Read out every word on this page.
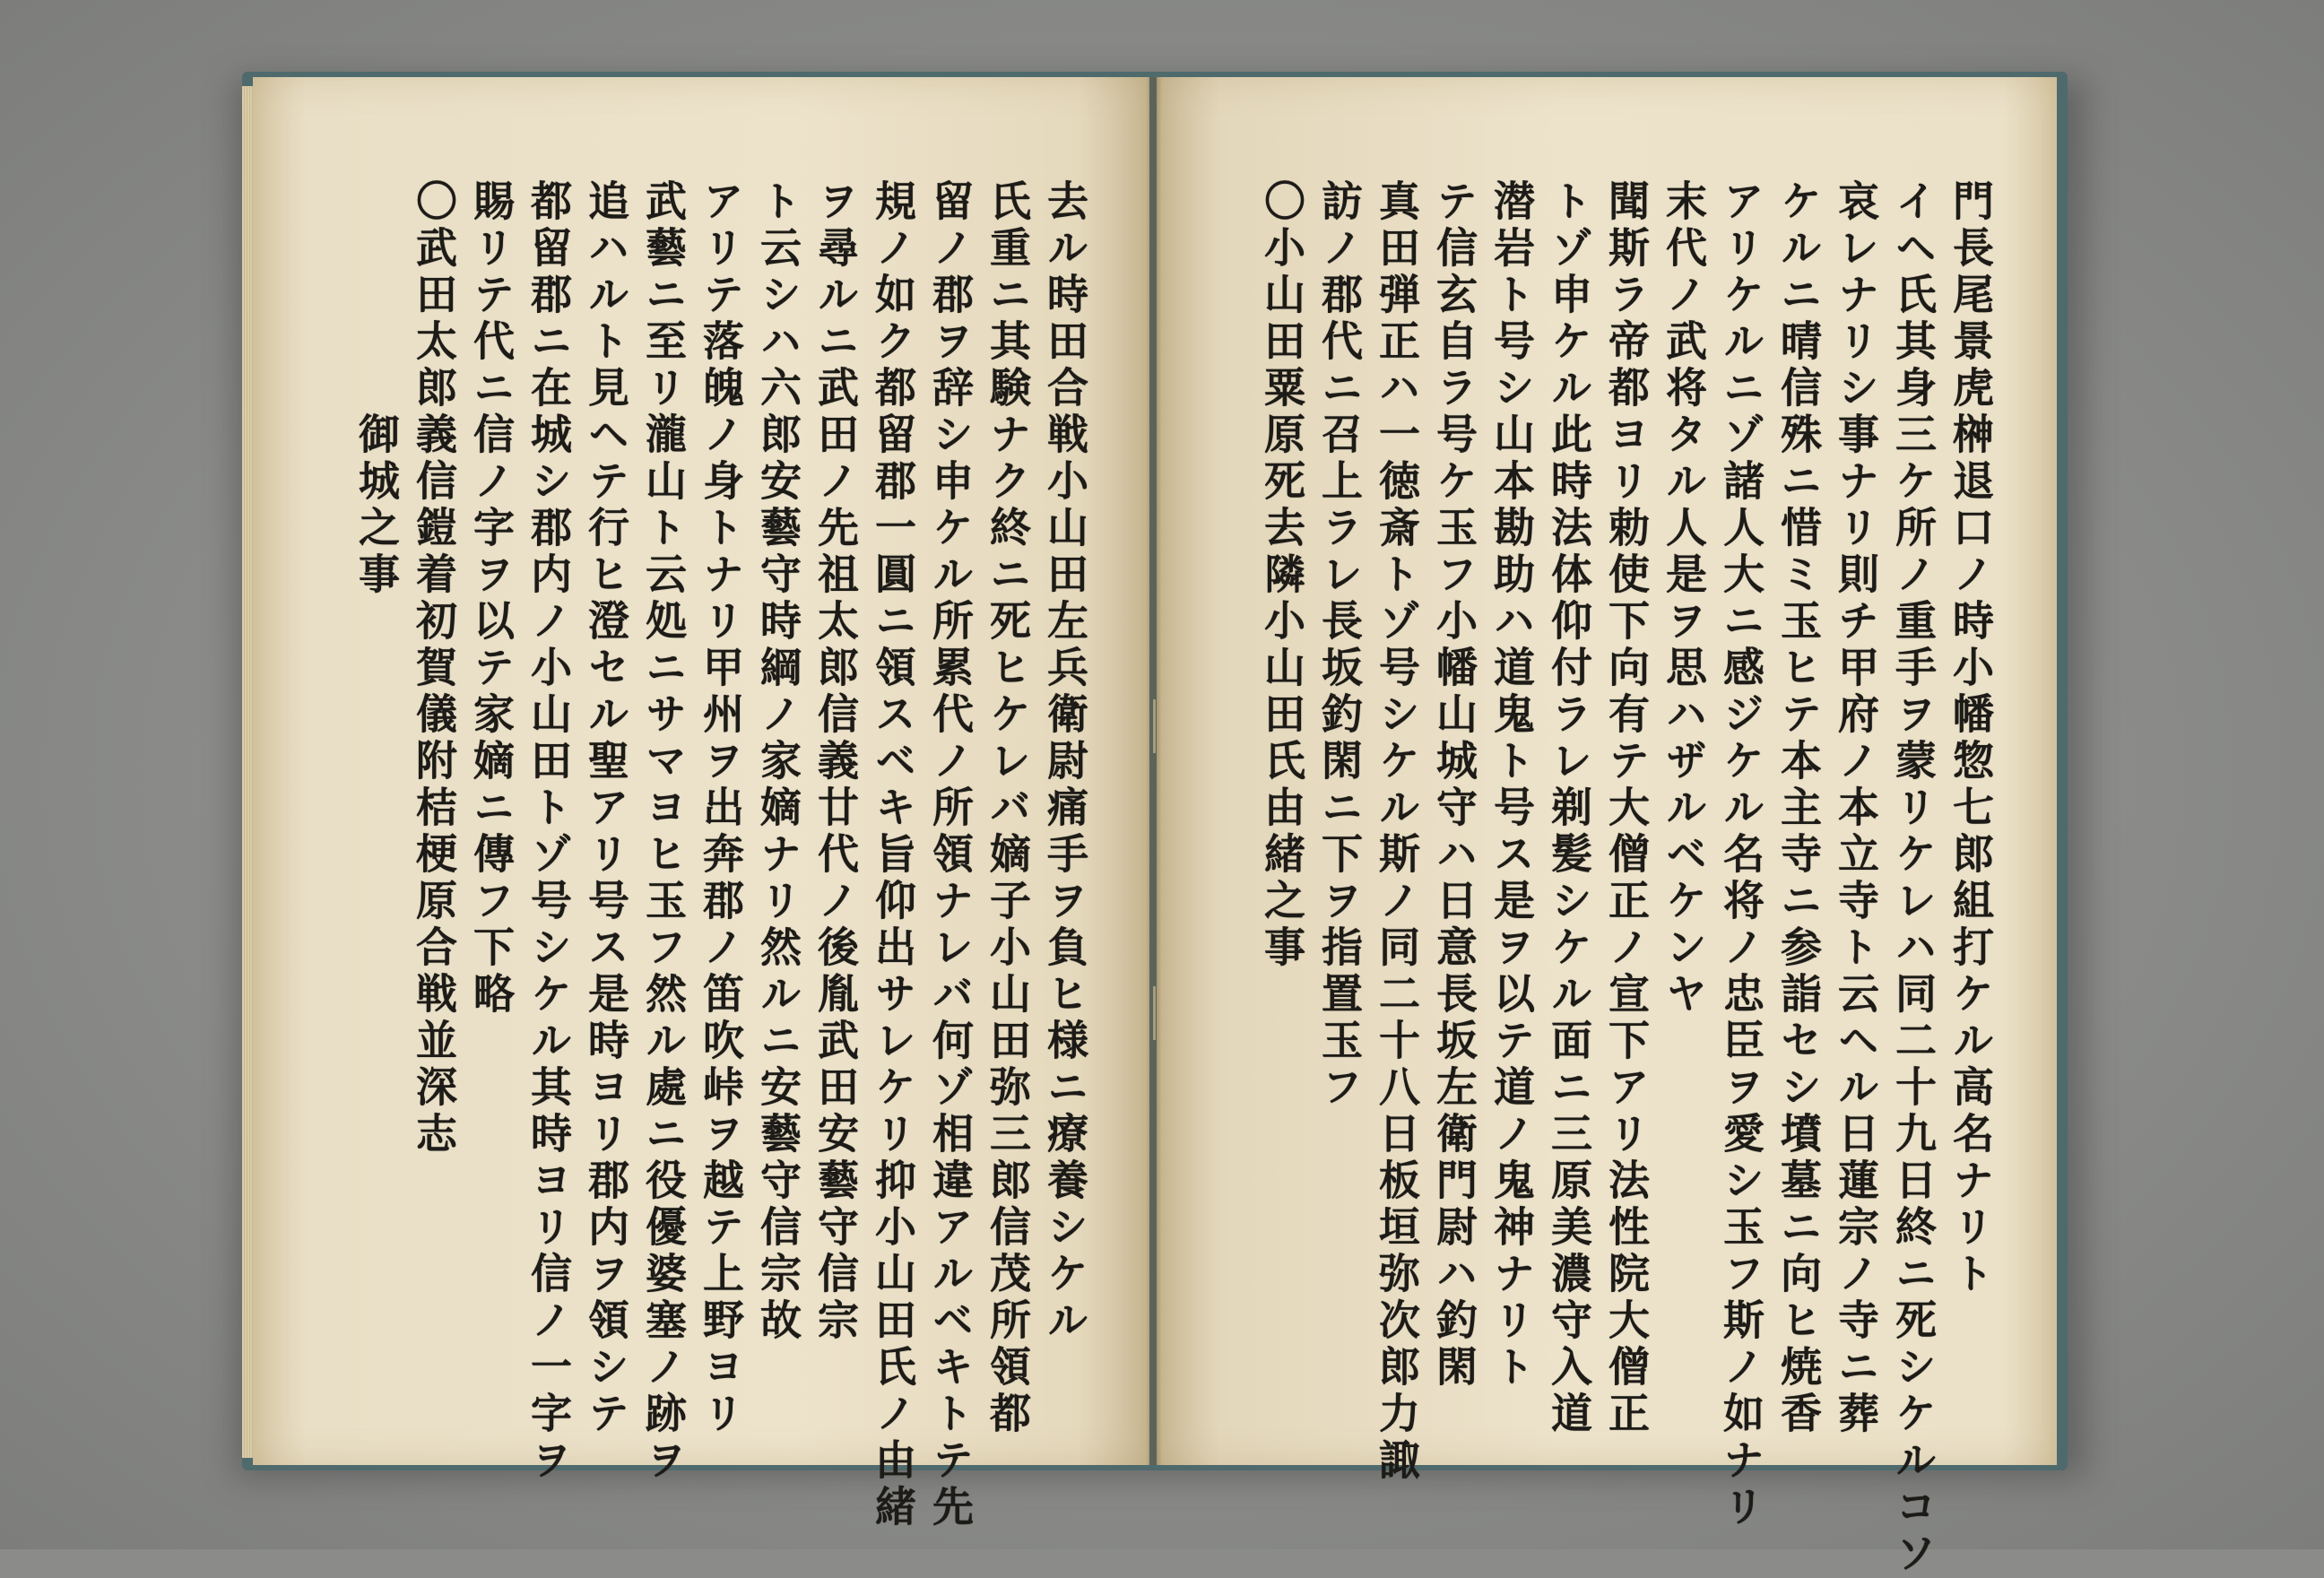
門長尾景虎榊退口ノ時小幡惣七郎組打ケル高名ナリト
イヘ氏其身三ケ所ノ重手ヲ蒙リケレハ同二十九日終ニ死シケルコソ
哀レナリシ事ナリ則チ甲府ノ本立寺ト云ヘル日蓮宗ノ寺ニ葬
ケルニ晴信殊ニ惜ミ玉ヒテ本主寺ニ参詣セシ墳墓ニ向ヒ焼香
アリケルニゾ諸人大ニ感ジケル名将ノ忠臣ヲ愛シ玉フ斯ノ如ナリ
末代ノ武将タル人是ヲ思ハザルベケンヤ
聞斯ラ帝都ヨリ勅使下向有テ大僧正ノ宣下アリ法性院大僧正
トゾ申ケル此時法体仰付ラレ剃髪シケル面ニ三原美濃守入道
潜岩ト号シ山本勘助ハ道鬼ト号ス是ヲ以テ道ノ鬼神ナリト
テ信玄自ラ号ケ玉フ小幡山城守ハ日意長坂左衛門尉ハ釣閑
真田弾正ハ一徳斎トゾ号シケル斯ノ同二十八日板垣弥次郎力諏
訪ノ郡代ニ召上ラレ長坂釣閑ニ下ヲ指置玉フ
〇小山田粟原死去隣小山田氏由緒之事
去ル時田合戦小山田左兵衛尉痛手ヲ負ヒ様ニ療養シケル
氏重ニ其験ナク終ニ死ヒケレバ嫡子小山田弥三郎信茂所領都
留ノ郡ヲ辞シ申ケル所累代ノ所領ナレバ何ゾ相違アルベキトテ先
規ノ如ク都留郡一圓ニ領スベキ旨仰出サレケリ抑小山田氏ノ由緒
ヲ尋ルニ武田ノ先祖太郎信義廿代ノ後胤武田安藝守信宗
ト云シハ六郎安藝守時綱ノ家嫡ナリ然ルニ安藝守信宗故
アリテ落魄ノ身トナリ甲州ヲ出奔郡ノ笛吹峠ヲ越テ上野ヨリ
武藝ニ至リ瀧山ト云処ニサマヨヒ玉フ然ル處ニ役優婆塞ノ跡ヲ
追ハルト見ヘテ行ヒ澄セル聖アリ号ス是時ヨリ郡内ヲ領シテ
都留郡ニ在城シ郡内ノ小山田トゾ号シケル其時ヨリ信ノ一字ヲ
賜リテ代ニ信ノ字ヲ以テ家嫡ニ傳フ下略
〇武田太郎義信鎧着初賀儀附桔梗原合戦並深志
御城之事
